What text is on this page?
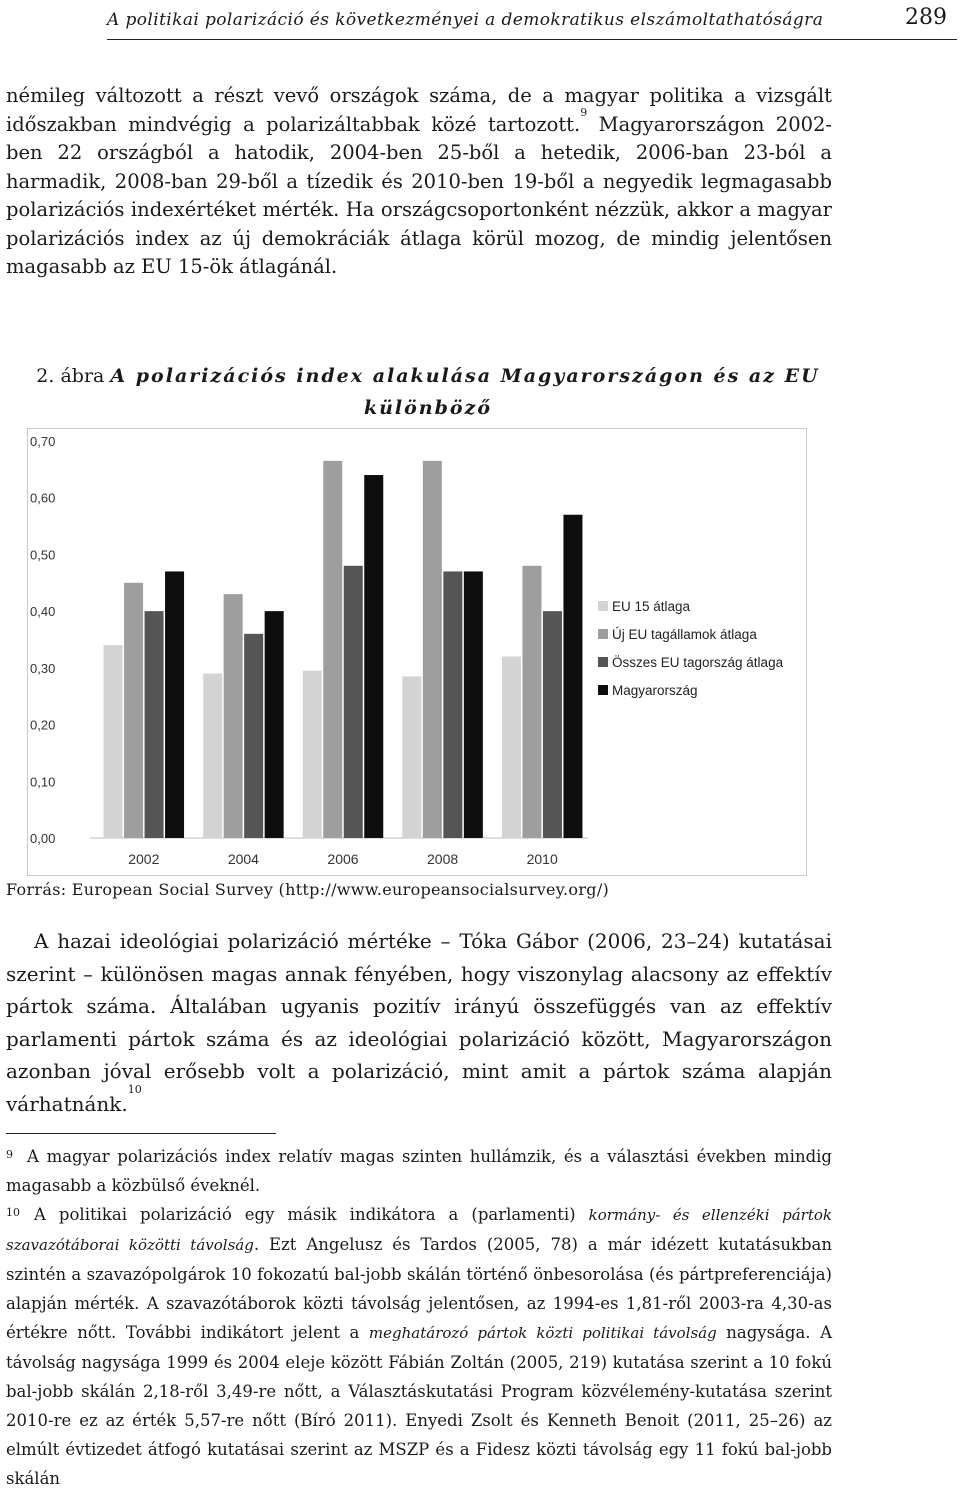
A politikai polarizáció és következményei a demokratikus elszámoltathatóságra	289

némileg változott a részt vevő országok száma, de a magyar politika a vizsgált időszakban mindvégig a polarizáltabbak közé tartozott.$^9$ Magyarországon 2002-ben 22 országból a hatodik, 2004-ben 25-ből a hetedik, 2006-ban 23-ból a harmadik, 2008-ban 29-ből a tízedik és 2010-ben 19-ből a negyedik legmagasabb polarizációs indexértéket mérték. Ha országcsoportonként nézzük, akkor a magyar polarizációs index az új demokráciák átlaga körül mozog, de mindig jelentősen magasabb az EU 15-ök átlagánál.

2. ábra A polarizációs index alakulása Magyarországon és az EU különböző
0,00
0,10
0,20
0,30
0,40
0,50
0,60
0,70
2002	2004	2006	2008	2010
EU 15 átlaga
Új EU tagállamok átlaga
Összes EU tagország átlaga
Magyarország
Forrás: European Social Survey (http://www.europeansocialsurvey.org/)

A hazai ideológiai polarizáció mértéke – Tóka Gábor (2006, 23–24) kutatásai szerint – különösen magas annak fényében, hogy viszonylag alacsony az effektív pártok száma. Általában ugyanis pozitív irányú összefüggés van az effektív parlamenti pártok száma és az ideológiai polarizáció között, Magyarországon azonban jóval erősebb volt a polarizáció, mint amit a pártok száma alapján várhatnánk.$^{10}$

$^9$ A magyar polarizációs index relatív magas szinten hullámzik, és a választási években mindig magasabb a közbülső éveknél.

$^{10}$ A politikai polarizáció egy másik indikátora a (parlamenti) kormány- és ellenzéki pártok szavazótáborai közötti távolság. Ezt Angelusz és Tardos (2005, 78) a már idézett kutatásukban szintén a szavazópolgárok 10 fokozatú bal-jobb skálán történő önbesorolása (és pártpreferenciája) alapján mérték. A szavazótáborok közti távolság jelentősen, az 1994-es 1,81-ről 2003-ra 4,30-as értékre nőtt. További indikátort jelent a meghatározó pártok közti politikai távolság nagysága. A távolság nagysága 1999 és 2004 eleje között Fábián Zoltán (2005, 219) kutatása szerint a 10 fokú bal-jobb skálán 2,18-ről 3,49-re nőtt, a Választáskutatási Program közvélemény-kutatása szerint 2010-re ez az érték 5,57-re nőtt (Bíró 2011). Enyedi Zsolt és Kenneth Benoit (2011, 25–26) az elmúlt évtizedet átfogó kutatásai szerint az MSZP és a Fidesz közti távolság egy 11 fokú bal-jobb skálán
